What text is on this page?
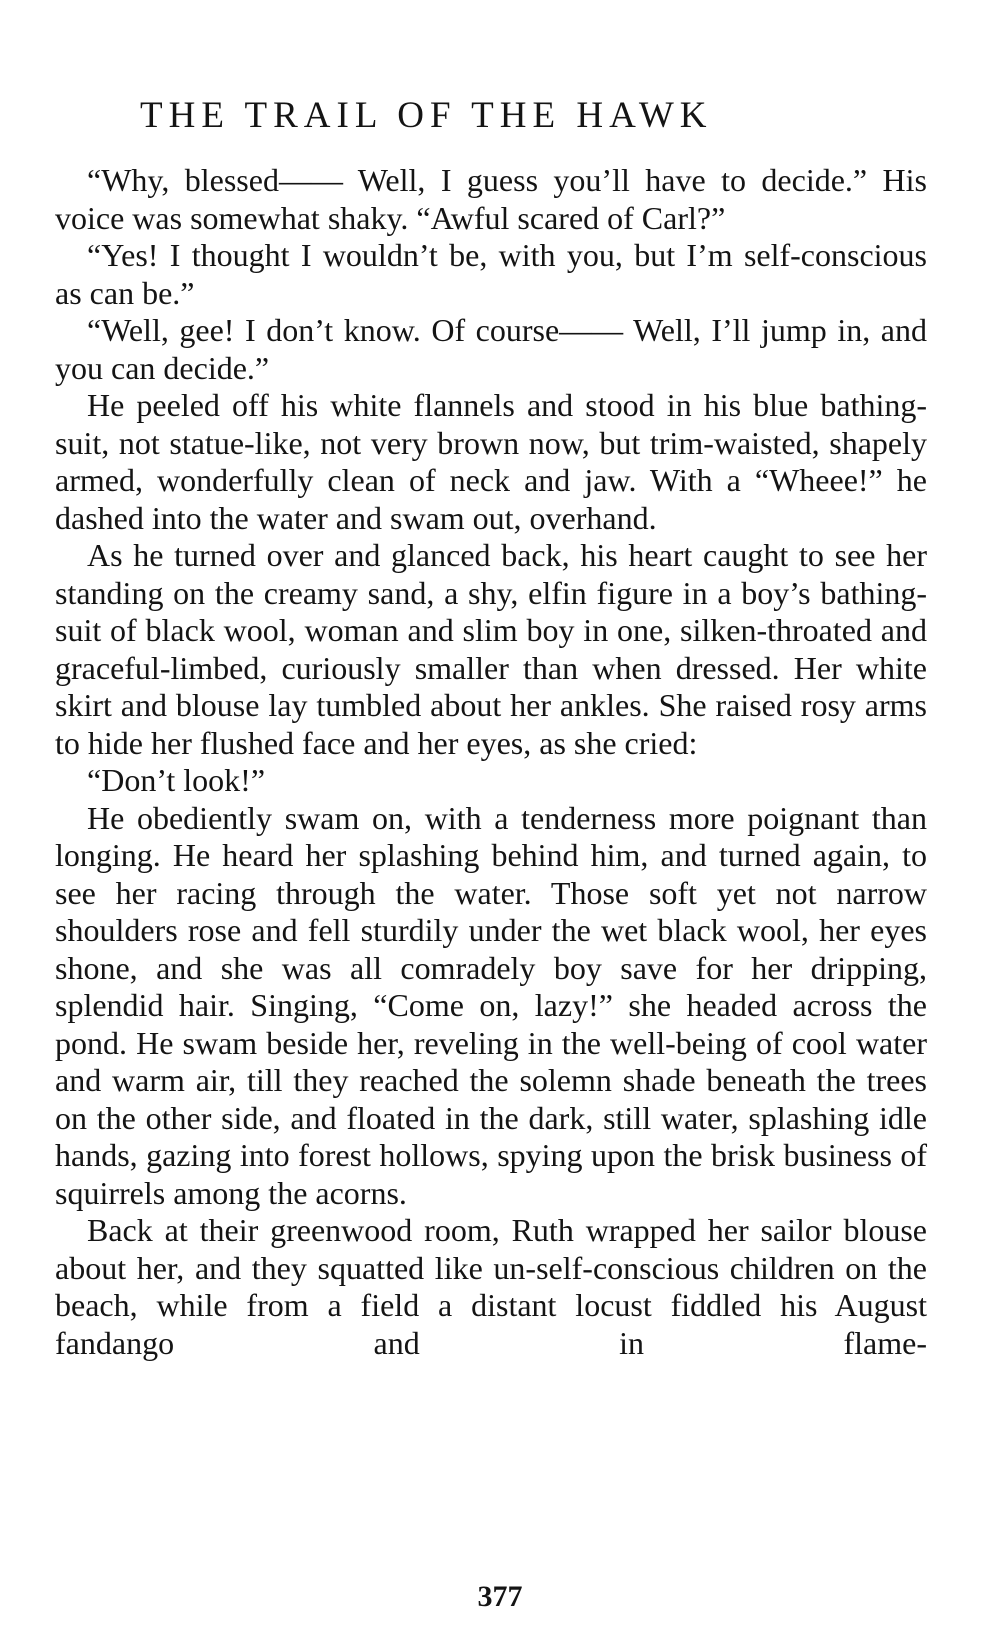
THE TRAIL OF THE HAWK

“Why, blessed—— Well, I guess you’ll have to decide.” His voice was somewhat shaky. “Awful scared of Carl?”

“Yes! I thought I wouldn’t be, with you, but I’m self-conscious as can be.”

“Well, gee! I don’t know. Of course—— Well, I’ll jump in, and you can decide.”

He peeled off his white flannels and stood in his blue bathing-suit, not statue-like, not very brown now, but trim-waisted, shapely armed, wonderfully clean of neck and jaw. With a “Wheee!” he dashed into the water and swam out, overhand.

As he turned over and glanced back, his heart caught to see her standing on the creamy sand, a shy, elfin figure in a boy’s bathing-suit of black wool, woman and slim boy in one, silken-throated and graceful-limbed, curiously smaller than when dressed. Her white skirt and blouse lay tumbled about her ankles. She raised rosy arms to hide her flushed face and her eyes, as she cried:

“Don’t look!”

He obediently swam on, with a tenderness more poignant than longing. He heard her splashing behind him, and turned again, to see her racing through the water. Those soft yet not narrow shoulders rose and fell sturdily under the wet black wool, her eyes shone, and she was all comradely boy save for her dripping, splendid hair. Singing, “Come on, lazy!” she headed across the pond. He swam beside her, reveling in the well-being of cool water and warm air, till they reached the solemn shade beneath the trees on the other side, and floated in the dark, still water, splashing idle hands, gazing into forest hollows, spying upon the brisk business of squirrels among the acorns.

Back at their greenwood room, Ruth wrapped her sailor blouse about her, and they squatted like un-self-conscious children on the beach, while from a field a distant locust fiddled his August fandango and in flame-

377
